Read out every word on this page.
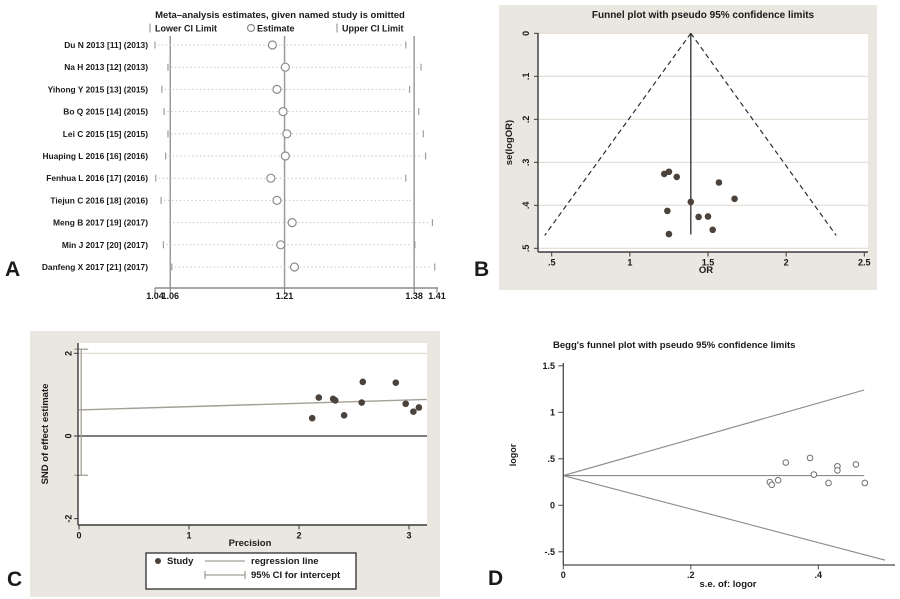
Du N 2013 [11] (2013)
Na H 2013 [12] (2013)
Yihong Y 2015 [13] (2015)
Bo Q 2015 [14] (2015)
Lei C 2015 [15] (2015)
Huaping L 2016 [16] (2016)
Fenhua L 2016 [17] (2016)
Tiejun C 2016 [18] (2016)
Meng B 2017 [19] (2017)
Min J 2017 [20] (2017)
Danfeng X 2017 [21] (2017)
1.04
1.06	1.21	1.38 1.41
Lower CI Limit	Estimate	Upper CI Limit
Meta–analysis estimates, given named study is omitted
A
0
.1
.2
.3
.4
.5
.5	1	1.5	2	2.5
se(logOR)
Funnel plot with pseudo 95% confidence limits
OR
B
2
0
-2
0	1	2	3
SND of effect estimate
Study	regression line
95% CI for intercept
Precision
C
1.5
1
.5
0
-.5
0	.2	.4
logor
Begg's funnel plot with pseudo 95% confidence limits
s.e. of: logor
D
